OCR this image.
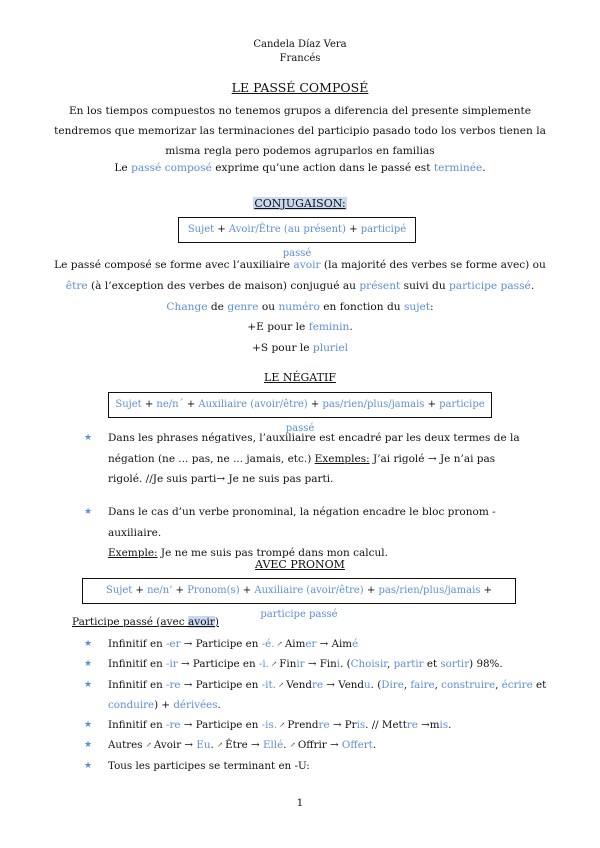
Candela Díaz Vera
Francés
LE PASSÉ COMPOSÉ
En los tiempos compuestos no tenemos grupos a diferencia del presente simplemente tendremos que memorizar las terminaciones del participio pasado todo los verbos tienen la misma regla pero podemos agruparlos en familias
Le passé composé exprime qu’une action dans le passé est terminée.
CONJUGAISON:
Sujet + Avoir/Être (au présent) + participé passé
Le passé composé se forme avec l’auxiliaire avoir (la majorité des verbes se forme avec) ou être (à l’exception des verbes de maison) conjugué au présent suivi du participe passé. Change de genre ou numéro en fonction du sujet:
+E pour le feminin.
+S pour le pluriel
LE NÉGATIF
Sujet + ne/n´ + Auxiliaire (avoir/être) + pas/rien/plus/jamais + participe passé
★ Dans les phrases négatives, l’auxiliaire est encadré par les deux termes de la négation (ne ... pas, ne ... jamais, etc.) Exemples: J’ai rigolé → Je n’ai pas rigolé. //Je suis parti→ Je ne suis pas parti.
★ Dans le cas d’un verbe pronominal, la négation encadre le bloc pronom - auxiliaire.
Exemple: Je ne me suis pas trompé dans mon calcul.
AVEC PRONOM
Sujet + ne/n’ + Pronom(s) + Auxiliaire (avoir/être) + pas/rien/plus/jamais + participe passé
Participe passé (avec avoir)
★ Infinitif en -er → Participe en -é. ↗ Aimer → Aimé
★ Infinitif en -ir → Participe en -i. ↗ Finir → Fini. (Choisir, partir et sortir) 98%.
★ Infinitif en -re → Participe en -it. ↗ Vendre → Vendu. (Dire, faire, construire, écrire et
conduire) + dérivées.
★ Infinitif en -re → Participe en -is. ↗ Prendre → Pris. // Mettre →mis.
★ Autres ↗ Avoir → Eu. ↗ Être → Ellé. ↗ Offrir → Offert.
★ Tous les participes se terminant en -U:
1
